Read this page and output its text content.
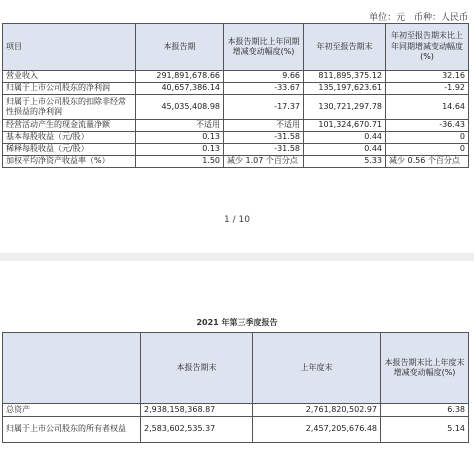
单位：元 币种：人民币
项目	本报告期	本报告期比上年同期增减变动幅度(%)	年初至报告期末	年初至报告期末比上年同期增减变动幅度(%)
营业收入	291,891,678.66	9.66	811,895,375.12	32.16
归属于上市公司股东的净利润	40,657,386.14	-33.67	135,197,623.61	-1.92
归属于上市公司股东的扣除非经常性损益的净利润	45,035,408.98	-17.37	130,721,297.78	14.64
经营活动产生的现金流量净额	不适用	不适用	101,324,670.71	-36.43
基本每股收益（元/股）	0.13	-31.58	0.44	0
稀释每股收益（元/股）	0.13	-31.58	0.44	0
加权平均净资产收益率（%）	1.50	减少 1.07 个百分点	5.33	减少 0.56 个百分点
1 / 10
2021 年第三季度报告
	本报告期末	上年度末	本报告期末比上年度末增减变动幅度(%)
总资产	2,938,158,368.87	2,761,820,502.97	6.38
归属于上市公司股东的所有者权益	2,583,602,535.37	2,457,205,676.48	5.14
